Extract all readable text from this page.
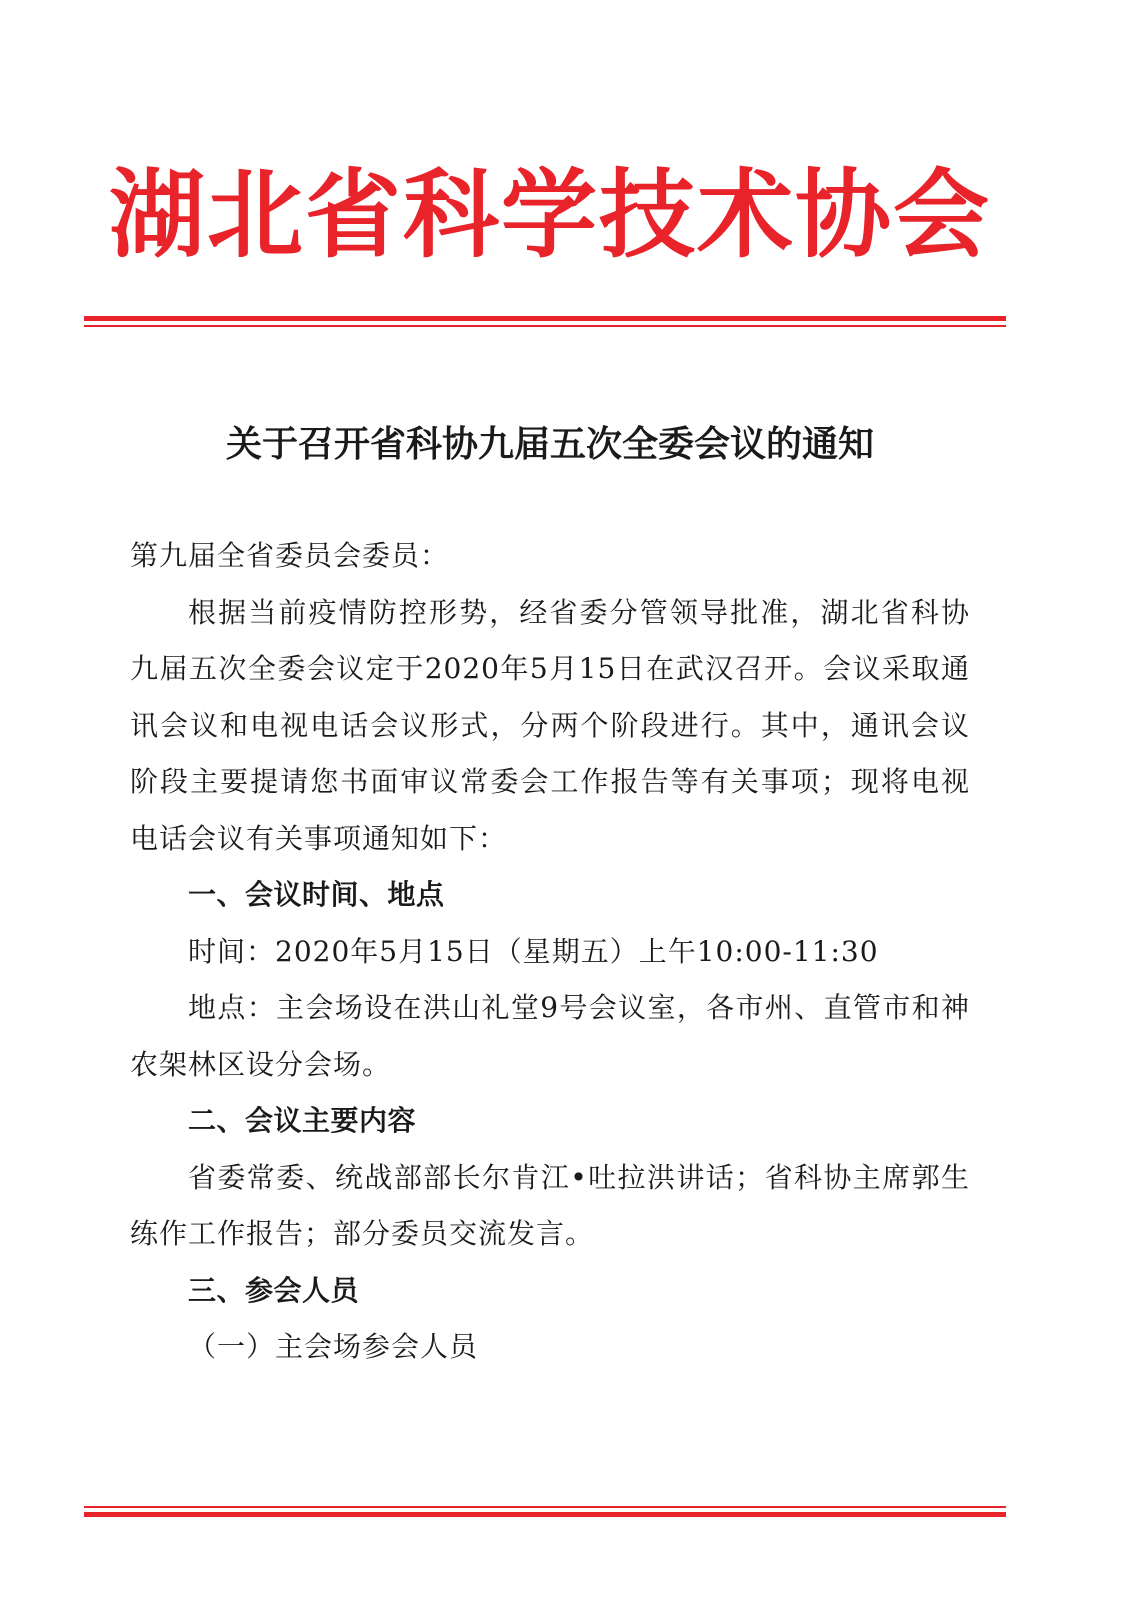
湖北省科学技术协会
关于召开省科协九届五次全委会议的通知

第九届全省委员会委员：

根据当前疫情防控形势，经省委分管领导批准，湖北省科协九届五次全委会议定于2020年5月15日在武汉召开。会议采取通讯会议和电视电话会议形式，分两个阶段进行。其中，通讯会议阶段主要提请您书面审议常委会工作报告等有关事项；现将电视电话会议有关事项通知如下：

一、会议时间、地点

时间：2020年5月15日（星期五）上午10:00-11:30

地点：主会场设在洪山礼堂9号会议室，各市州、直管市和神农架林区设分会场。

二、会议主要内容

省委常委、统战部部长尔肯江•吐拉洪讲话；省科协主席郭生练作工作报告；部分委员交流发言。

三、参会人员

（一）主会场参会人员
